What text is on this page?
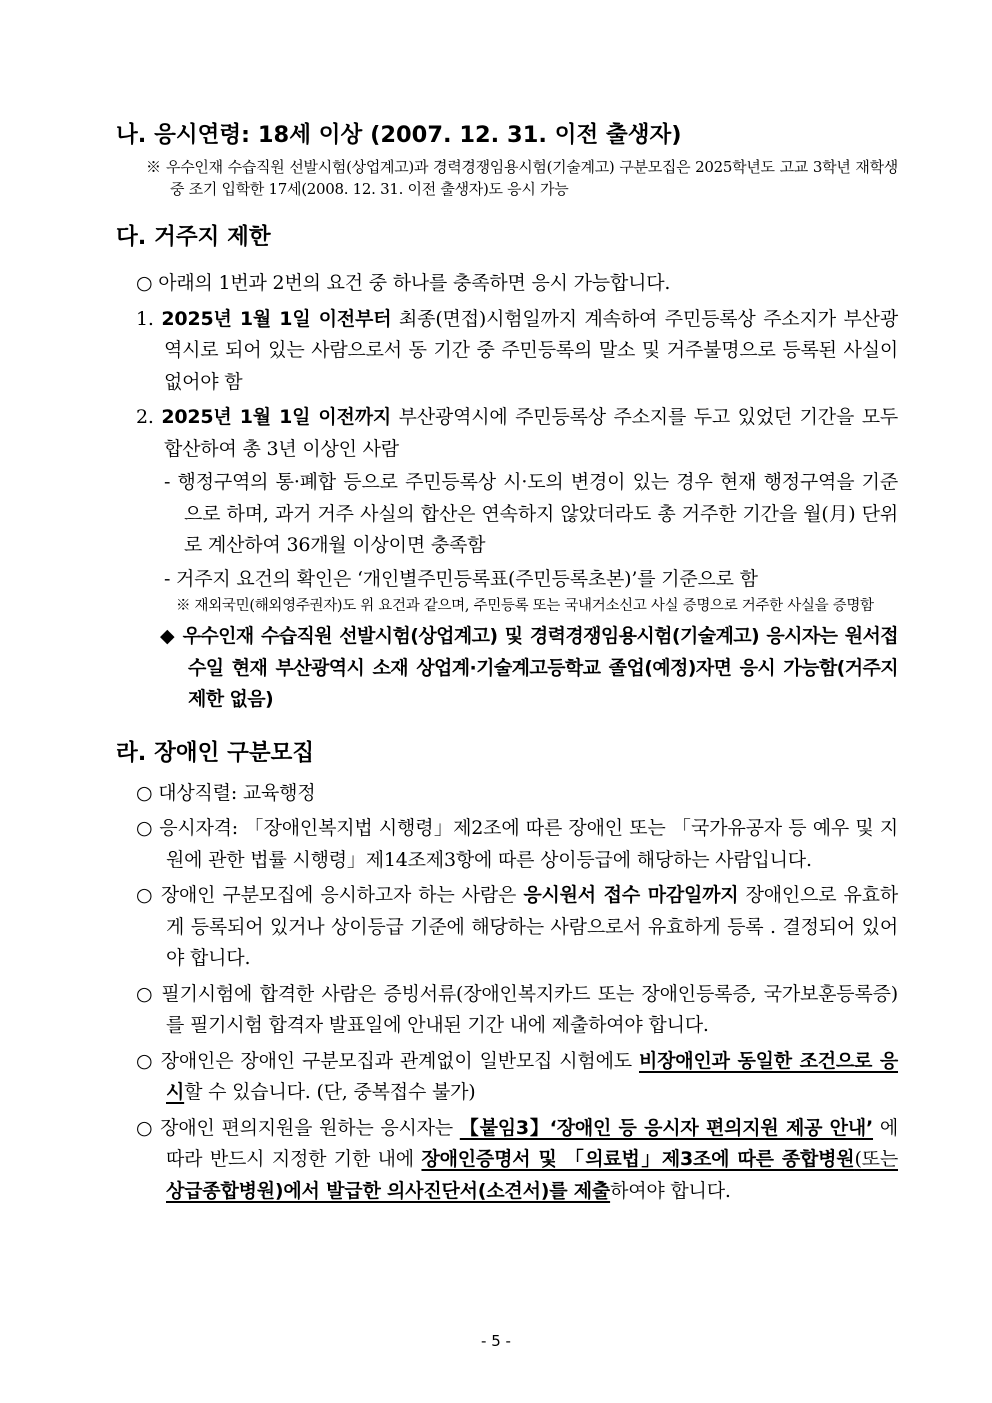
나. 응시연령: 18세 이상 (2007. 12. 31. 이전 출생자)
※ 우수인재 수습직원 선발시험(상업계고)과 경력경쟁임용시험(기술계고) 구분모집은 2025학년도 고교 3학년 재학생 중 조기 입학한 17세(2008. 12. 31. 이전 출생자)도 응시 가능
다. 거주지 제한
○ 아래의 1번과 2번의 요건 중 하나를 충족하면 응시 가능합니다.
1. 2025년 1월 1일 이전부터 최종(면접)시험일까지 계속하여 주민등록상 주소지가 부산광역시로 되어 있는 사람으로서 동 기간 중 주민등록의 말소 및 거주불명으로 등록된 사실이 없어야 함
2. 2025년 1월 1일 이전까지 부산광역시에 주민등록상 주소지를 두고 있었던 기간을 모두 합산하여 총 3년 이상인 사람
- 행정구역의 통·폐합 등으로 주민등록상 시·도의 변경이 있는 경우 현재 행정구역을 기준으로 하며, 과거 거주 사실의 합산은 연속하지 않았더라도 총 거주한 기간을 월(月) 단위로 계산하여 36개월 이상이면 충족함
- 거주지 요건의 확인은 ‘개인별주민등록표(주민등록초본)’를 기준으로 함
※ 재외국민(해외영주권자)도 위 요건과 같으며, 주민등록 또는 국내거소신고 사실 증명으로 거주한 사실을 증명함
◆ 우수인재 수습직원 선발시험(상업계고) 및 경력경쟁임용시험(기술계고) 응시자는 원서접수일 현재 부산광역시 소재 상업계·기술계고등학교 졸업(예정)자면 응시 가능함(거주지 제한 없음)
라. 장애인 구분모집
○ 대상직렬: 교육행정
○ 응시자격: 「장애인복지법 시행령」제2조에 따른 장애인 또는 「국가유공자 등 예우 및 지원에 관한 법률 시행령」제14조제3항에 따른 상이등급에 해당하는 사람입니다.
○ 장애인 구분모집에 응시하고자 하는 사람은 응시원서 접수 마감일까지 장애인으로 유효하게 등록되어 있거나 상이등급 기준에 해당하는 사람으로서 유효하게 등록 . 결정되어 있어야 합니다.
○ 필기시험에 합격한 사람은 증빙서류(장애인복지카드 또는 장애인등록증, 국가보훈등록증)를 필기시험 합격자 발표일에 안내된 기간 내에 제출하여야 합니다.
○ 장애인은 장애인 구분모집과 관계없이 일반모집 시험에도 비장애인과 동일한 조건으로 응시할 수 있습니다. (단, 중복접수 불가)
○ 장애인 편의지원을 원하는 응시자는 【붙임3】‘장애인 등 응시자 편의지원 제공 안내’ 에 따라 반드시 지정한 기한 내에 장애인증명서 및 「의료법」제3조에 따른 종합병원(또는 상급종합병원)에서 발급한 의사진단서(소견서)를 제출하여야 합니다.
- 5 -
